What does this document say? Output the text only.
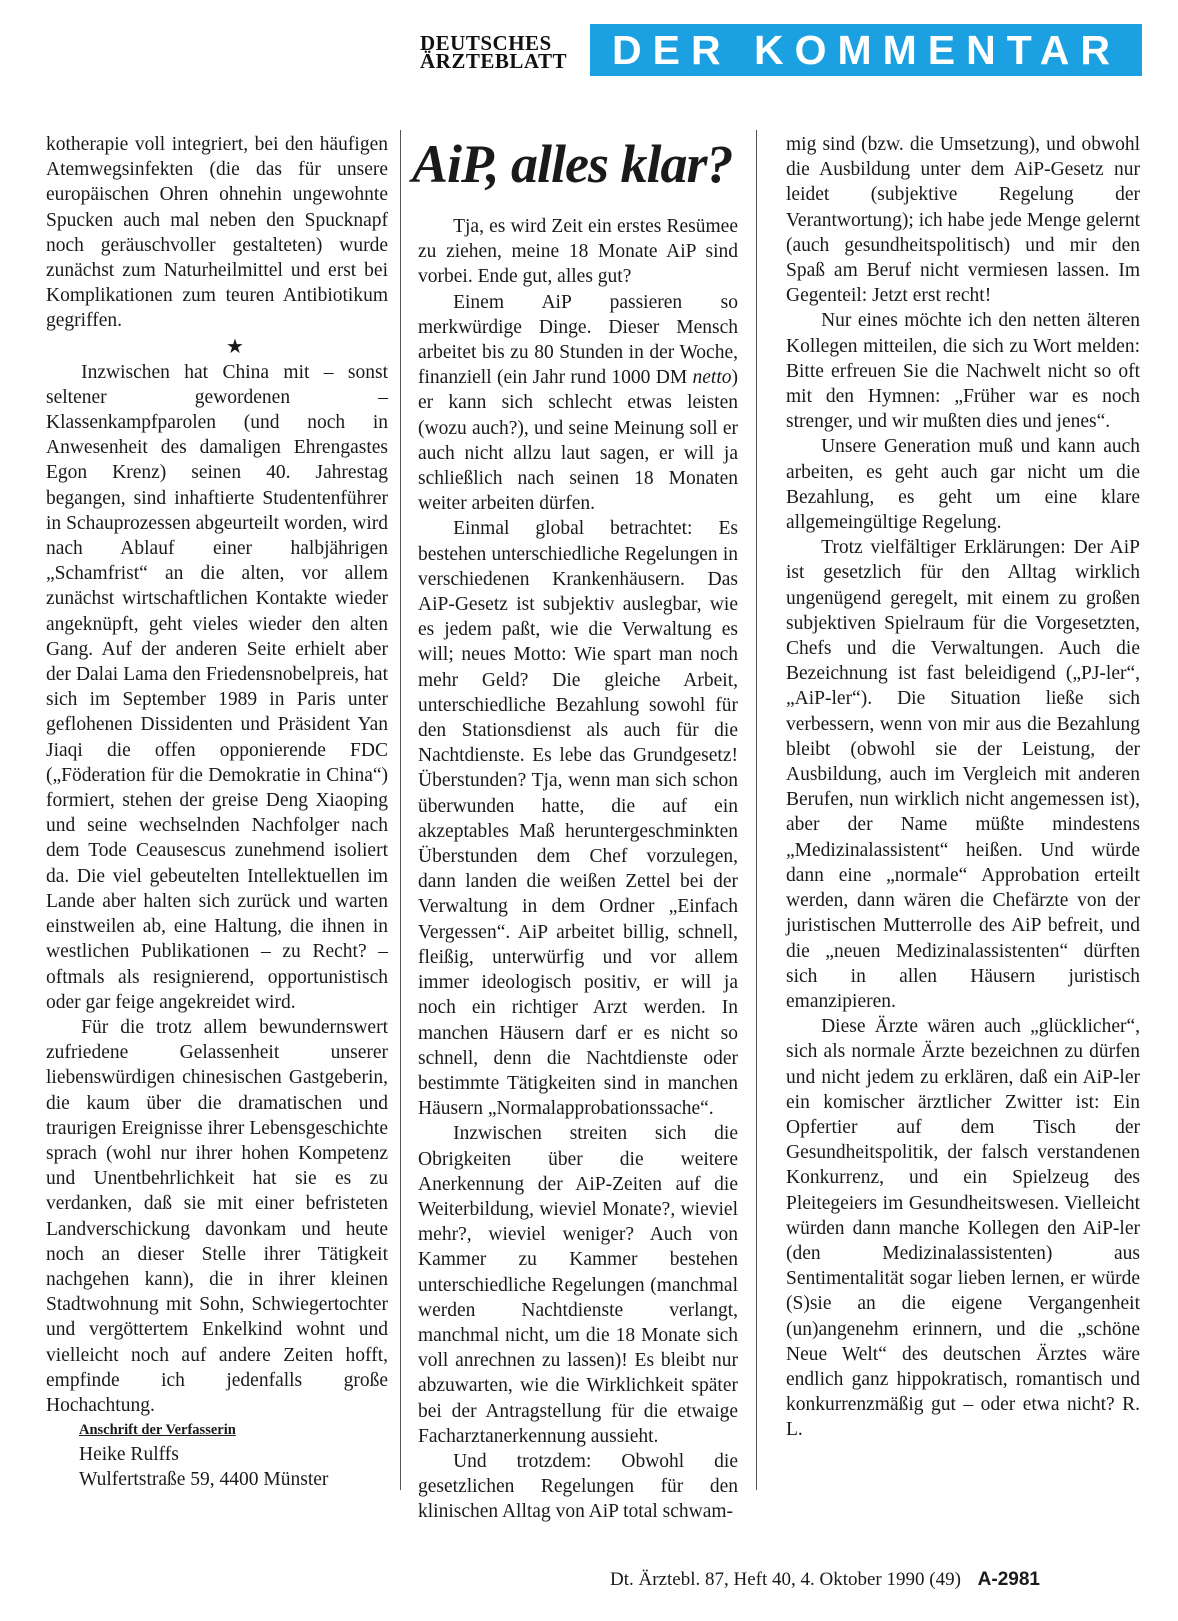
DEUTSCHES
ÄRZTEBLATT	DER KOMMENTAR

kotherapie voll integriert, bei den häufigen Atemwegsinfekten (die das für unsere europäischen Ohren ohnehin ungewohnte Spucken auch mal neben den Spucknapf noch geräuschvoller gestalteten) wurde zunächst zum Naturheilmittel und erst bei Komplikationen zum teuren Antibiotikum gegriffen.

★

Inzwischen hat China mit – sonst seltener gewordenen – Klassenkampfparolen (und noch in Anwesenheit des damaligen Ehrengastes Egon Krenz) seinen 40. Jahrestag begangen, sind inhaftierte Studentenführer in Schauprozessen abgeurteilt worden, wird nach Ablauf einer halbjährigen „Schamfrist“ an die alten, vor allem zunächst wirtschaftlichen Kontakte wieder angeknüpft, geht vieles wieder den alten Gang. Auf der anderen Seite erhielt aber der Dalai Lama den Friedensnobelpreis, hat sich im September 1989 in Paris unter geflohenen Dissidenten und Präsident Yan Jiaqi die offen opponierende FDC („Föderation für die Demokratie in China“) formiert, stehen der greise Deng Xiaoping und seine wechselnden Nachfolger nach dem Tode Ceausescus zunehmend isoliert da. Die viel gebeutelten Intellektuellen im Lande aber halten sich zurück und warten einstweilen ab, eine Haltung, die ihnen in westlichen Publikationen – zu Recht? – oftmals als resignierend, opportunistisch oder gar feige angekreidet wird.

Für die trotz allem bewundernswert zufriedene Gelassenheit unserer liebenswürdigen chinesischen Gastgeberin, die kaum über die dramatischen und traurigen Ereignisse ihrer Lebensgeschichte sprach (wohl nur ihrer hohen Kompetenz und Unentbehrlichkeit hat sie es zu verdanken, daß sie mit einer befristeten Landverschickung davonkam und heute noch an dieser Stelle ihrer Tätigkeit nachgehen kann), die in ihrer kleinen Stadtwohnung mit Sohn, Schwiegertochter und vergöttertem Enkelkind wohnt und vielleicht noch auf andere Zeiten hofft, empfinde ich jedenfalls große Hochachtung.

Anschrift der Verfasserin
Heike Rulffs
Wulfertstraße 59, 4400 Münster
AiP, alles klar?

Tja, es wird Zeit ein erstes Resümee zu ziehen, meine 18 Monate AiP sind vorbei. Ende gut, alles gut?

Einem AiP passieren so merkwürdige Dinge. Dieser Mensch arbeitet bis zu 80 Stunden in der Woche, finanziell (ein Jahr rund 1000 DM netto) er kann sich schlecht etwas leisten (wozu auch?), und seine Meinung soll er auch nicht allzu laut sagen, er will ja schließlich nach seinen 18 Monaten weiter arbeiten dürfen.

Einmal global betrachtet: Es bestehen unterschiedliche Regelungen in verschiedenen Krankenhäusern. Das AiP-Gesetz ist subjektiv auslegbar, wie es jedem paßt, wie die Verwaltung es will; neues Motto: Wie spart man noch mehr Geld? Die gleiche Arbeit, unterschiedliche Bezahlung sowohl für den Stationsdienst als auch für die Nachtdienste. Es lebe das Grundgesetz! Überstunden? Tja, wenn man sich schon überwunden hatte, die auf ein akzeptables Maß heruntergeschminkten Überstunden dem Chef vorzulegen, dann landen die weißen Zettel bei der Verwaltung in dem Ordner „Einfach Vergessen“. AiP arbeitet billig, schnell, fleißig, unterwürfig und vor allem immer ideologisch positiv, er will ja noch ein richtiger Arzt werden. In manchen Häusern darf er es nicht so schnell, denn die Nachtdienste oder bestimmte Tätigkeiten sind in manchen Häusern „Normalapprobationssache“.

Inzwischen streiten sich die Obrigkeiten über die weitere Anerkennung der AiP-Zeiten auf die Weiterbildung, wieviel Monate?, wieviel mehr?, wieviel weniger? Auch von Kammer zu Kammer bestehen unterschiedliche Regelungen (manchmal werden Nachtdienste verlangt, manchmal nicht, um die 18 Monate sich voll anrechnen zu lassen)! Es bleibt nur abzuwarten, wie die Wirklichkeit später bei der Antragstellung für die etwaige Facharztanerkennung aussieht.

Und trotzdem: Obwohl die gesetzlichen Regelungen für den klinischen Alltag von AiP total schwam-

mig sind (bzw. die Umsetzung), und obwohl die Ausbildung unter dem AiP-Gesetz nur leidet (subjektive Regelung der Verantwortung); ich habe jede Menge gelernt (auch gesundheitspolitisch) und mir den Spaß am Beruf nicht vermiesen lassen. Im Gegenteil: Jetzt erst recht!

Nur eines möchte ich den netten älteren Kollegen mitteilen, die sich zu Wort melden: Bitte erfreuen Sie die Nachwelt nicht so oft mit den Hymnen: „Früher war es noch strenger, und wir mußten dies und jenes“.

Unsere Generation muß und kann auch arbeiten, es geht auch gar nicht um die Bezahlung, es geht um eine klare allgemeingültige Regelung.

Trotz vielfältiger Erklärungen: Der AiP ist gesetzlich für den Alltag wirklich ungenügend geregelt, mit einem zu großen subjektiven Spielraum für die Vorgesetzten, Chefs und die Verwaltungen. Auch die Bezeichnung ist fast beleidigend („PJ-ler“, „AiP-ler“). Die Situation ließe sich verbessern, wenn von mir aus die Bezahlung bleibt (obwohl sie der Leistung, der Ausbildung, auch im Vergleich mit anderen Berufen, nun wirklich nicht angemessen ist), aber der Name müßte mindestens „Medizinalassistent“ heißen. Und würde dann eine „normale“ Approbation erteilt werden, dann wären die Chefärzte von der juristischen Mutterrolle des AiP befreit, und die „neuen Medizinalassistenten“ dürften sich in allen Häusern juristisch emanzipieren.

Diese Ärzte wären auch „glücklicher“, sich als normale Ärzte bezeichnen zu dürfen und nicht jedem zu erklären, daß ein AiP-ler ein komischer ärztlicher Zwitter ist: Ein Opfertier auf dem Tisch der Gesundheitspolitik, der falsch verstandenen Konkurrenz, und ein Spielzeug des Pleitegeiers im Gesundheitswesen. Vielleicht würden dann manche Kollegen den AiP-ler (den Medizinalassistenten) aus Sentimentalität sogar lieben lernen, er würde (S)sie an die eigene Vergangenheit (un)angenehm erinnern, und die „schöne Neue Welt“ des deutschen Ärztes wäre endlich ganz hippokratisch, romantisch und konkurrenzmäßig gut – oder etwa nicht? R. L.

Dt. Ärztebl. 87, Heft 40, 4. Oktober 1990 (49) A-2981
